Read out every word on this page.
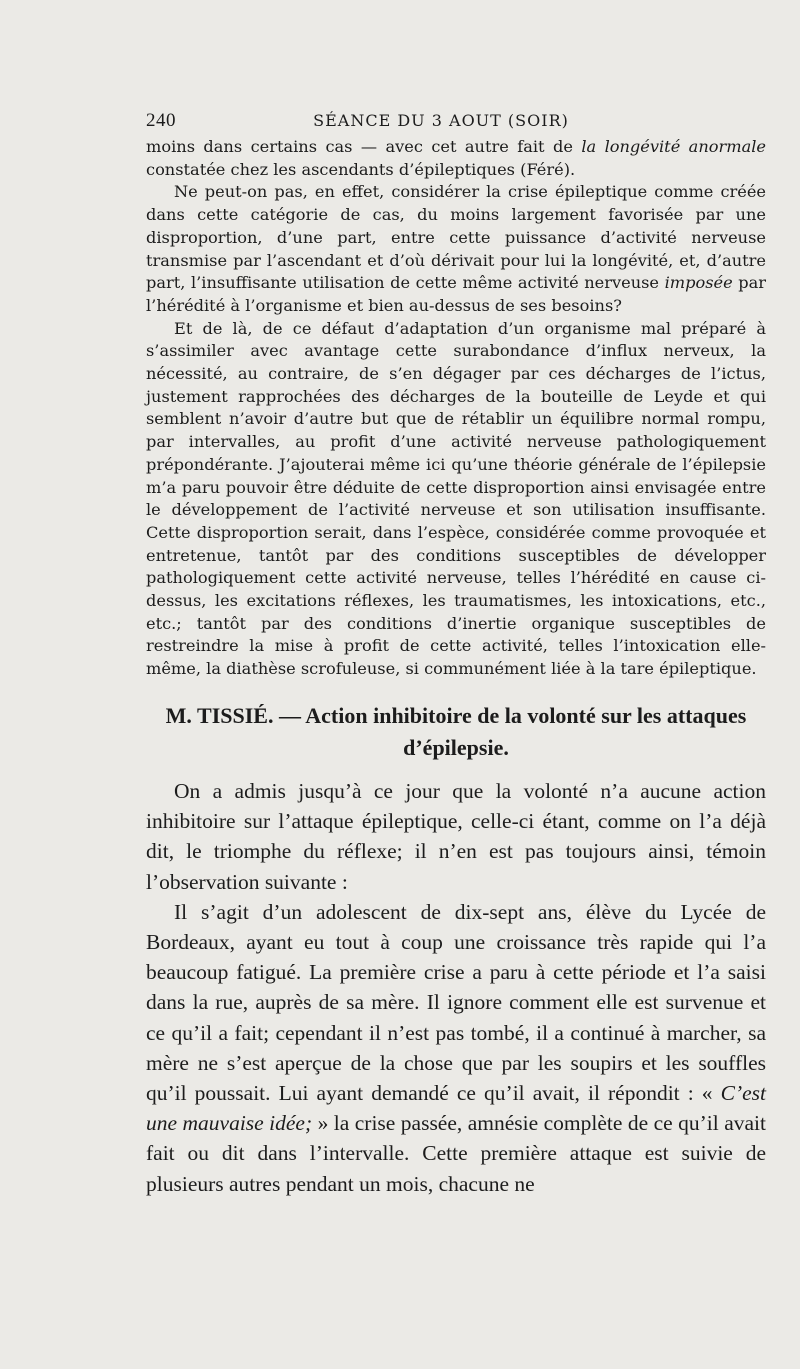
240	SÉANCE DU 3 AOUT (SOIR)

moins dans certains cas — avec cet autre fait de la longévité anormale constatée chez les ascendants d’épileptiques (Féré).

Ne peut-on pas, en effet, considérer la crise épileptique comme créée dans cette catégorie de cas, du moins largement favorisée par une disproportion, d’une part, entre cette puissance d’activité nerveuse transmise par l’ascendant et d’où dérivait pour lui la longévité, et, d’autre part, l’insuffisante utilisation de cette même activité nerveuse imposée par l’hérédité à l’organisme et bien au-dessus de ses besoins?

Et de là, de ce défaut d’adaptation d’un organisme mal préparé à s’assimiler avec avantage cette surabondance d’influx nerveux, la nécessité, au contraire, de s’en dégager par ces décharges de l’ictus, justement rapprochées des décharges de la bouteille de Leyde et qui semblent n’avoir d’autre but que de rétablir un équilibre normal rompu, par intervalles, au profit d’une activité nerveuse pathologiquement prépondérante. J’ajouterai même ici qu’une théorie générale de l’épilepsie m’a paru pouvoir être déduite de cette disproportion ainsi envisagée entre le développement de l’activité nerveuse et son utilisation insuffisante. Cette disproportion serait, dans l’espèce, considérée comme provoquée et entretenue, tantôt par des conditions susceptibles de développer pathologiquement cette activité nerveuse, telles l’hérédité en cause ci-dessus, les excitations réflexes, les traumatismes, les intoxications, etc., etc.; tantôt par des conditions d’inertie organique susceptibles de restreindre la mise à profit de cette activité, telles l’intoxication elle-même, la diathèse scrofuleuse, si communément liée à la tare épileptique.

M. TISSIÉ. — Action inhibitoire de la volonté sur les attaques d’épilepsie.

On a admis jusqu’à ce jour que la volonté n’a aucune action inhibitoire sur l’attaque épileptique, celle-ci étant, comme on l’a déjà dit, le triomphe du réflexe; il n’en est pas toujours ainsi, témoin l’observation suivante :

Il s’agit d’un adolescent de dix-sept ans, élève du Lycée de Bordeaux, ayant eu tout à coup une croissance très rapide qui l’a beaucoup fatigué. La première crise a paru à cette période et l’a saisi dans la rue, auprès de sa mère. Il ignore comment elle est survenue et ce qu’il a fait; cependant il n’est pas tombé, il a continué à marcher, sa mère ne s’est aperçue de la chose que par les soupirs et les souffles qu’il poussait. Lui ayant demandé ce qu’il avait, il répondit : « C’est une mauvaise idée; » la crise passée, amnésie complète de ce qu’il avait fait ou dit dans l’intervalle. Cette première attaque est suivie de plusieurs autres pendant un mois, chacune ne
